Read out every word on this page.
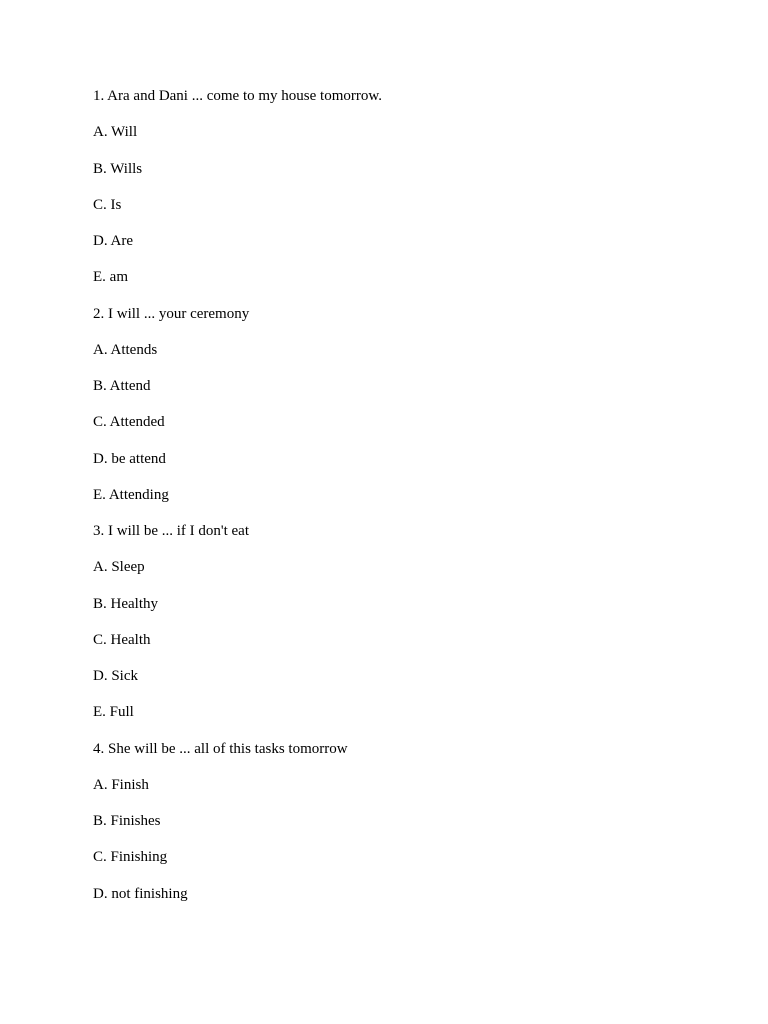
1. Ara and Dani ... come to my house tomorrow.
A. Will
B. Wills
C. Is
D. Are
E. am
2. I will ... your ceremony
A. Attends
B. Attend
C. Attended
D. be attend
E. Attending
3. I will be ... if I don't eat
A. Sleep
B. Healthy
C. Health
D. Sick
E. Full
4. She will be ... all of this tasks tomorrow
A. Finish
B. Finishes
C. Finishing
D. not finishing
